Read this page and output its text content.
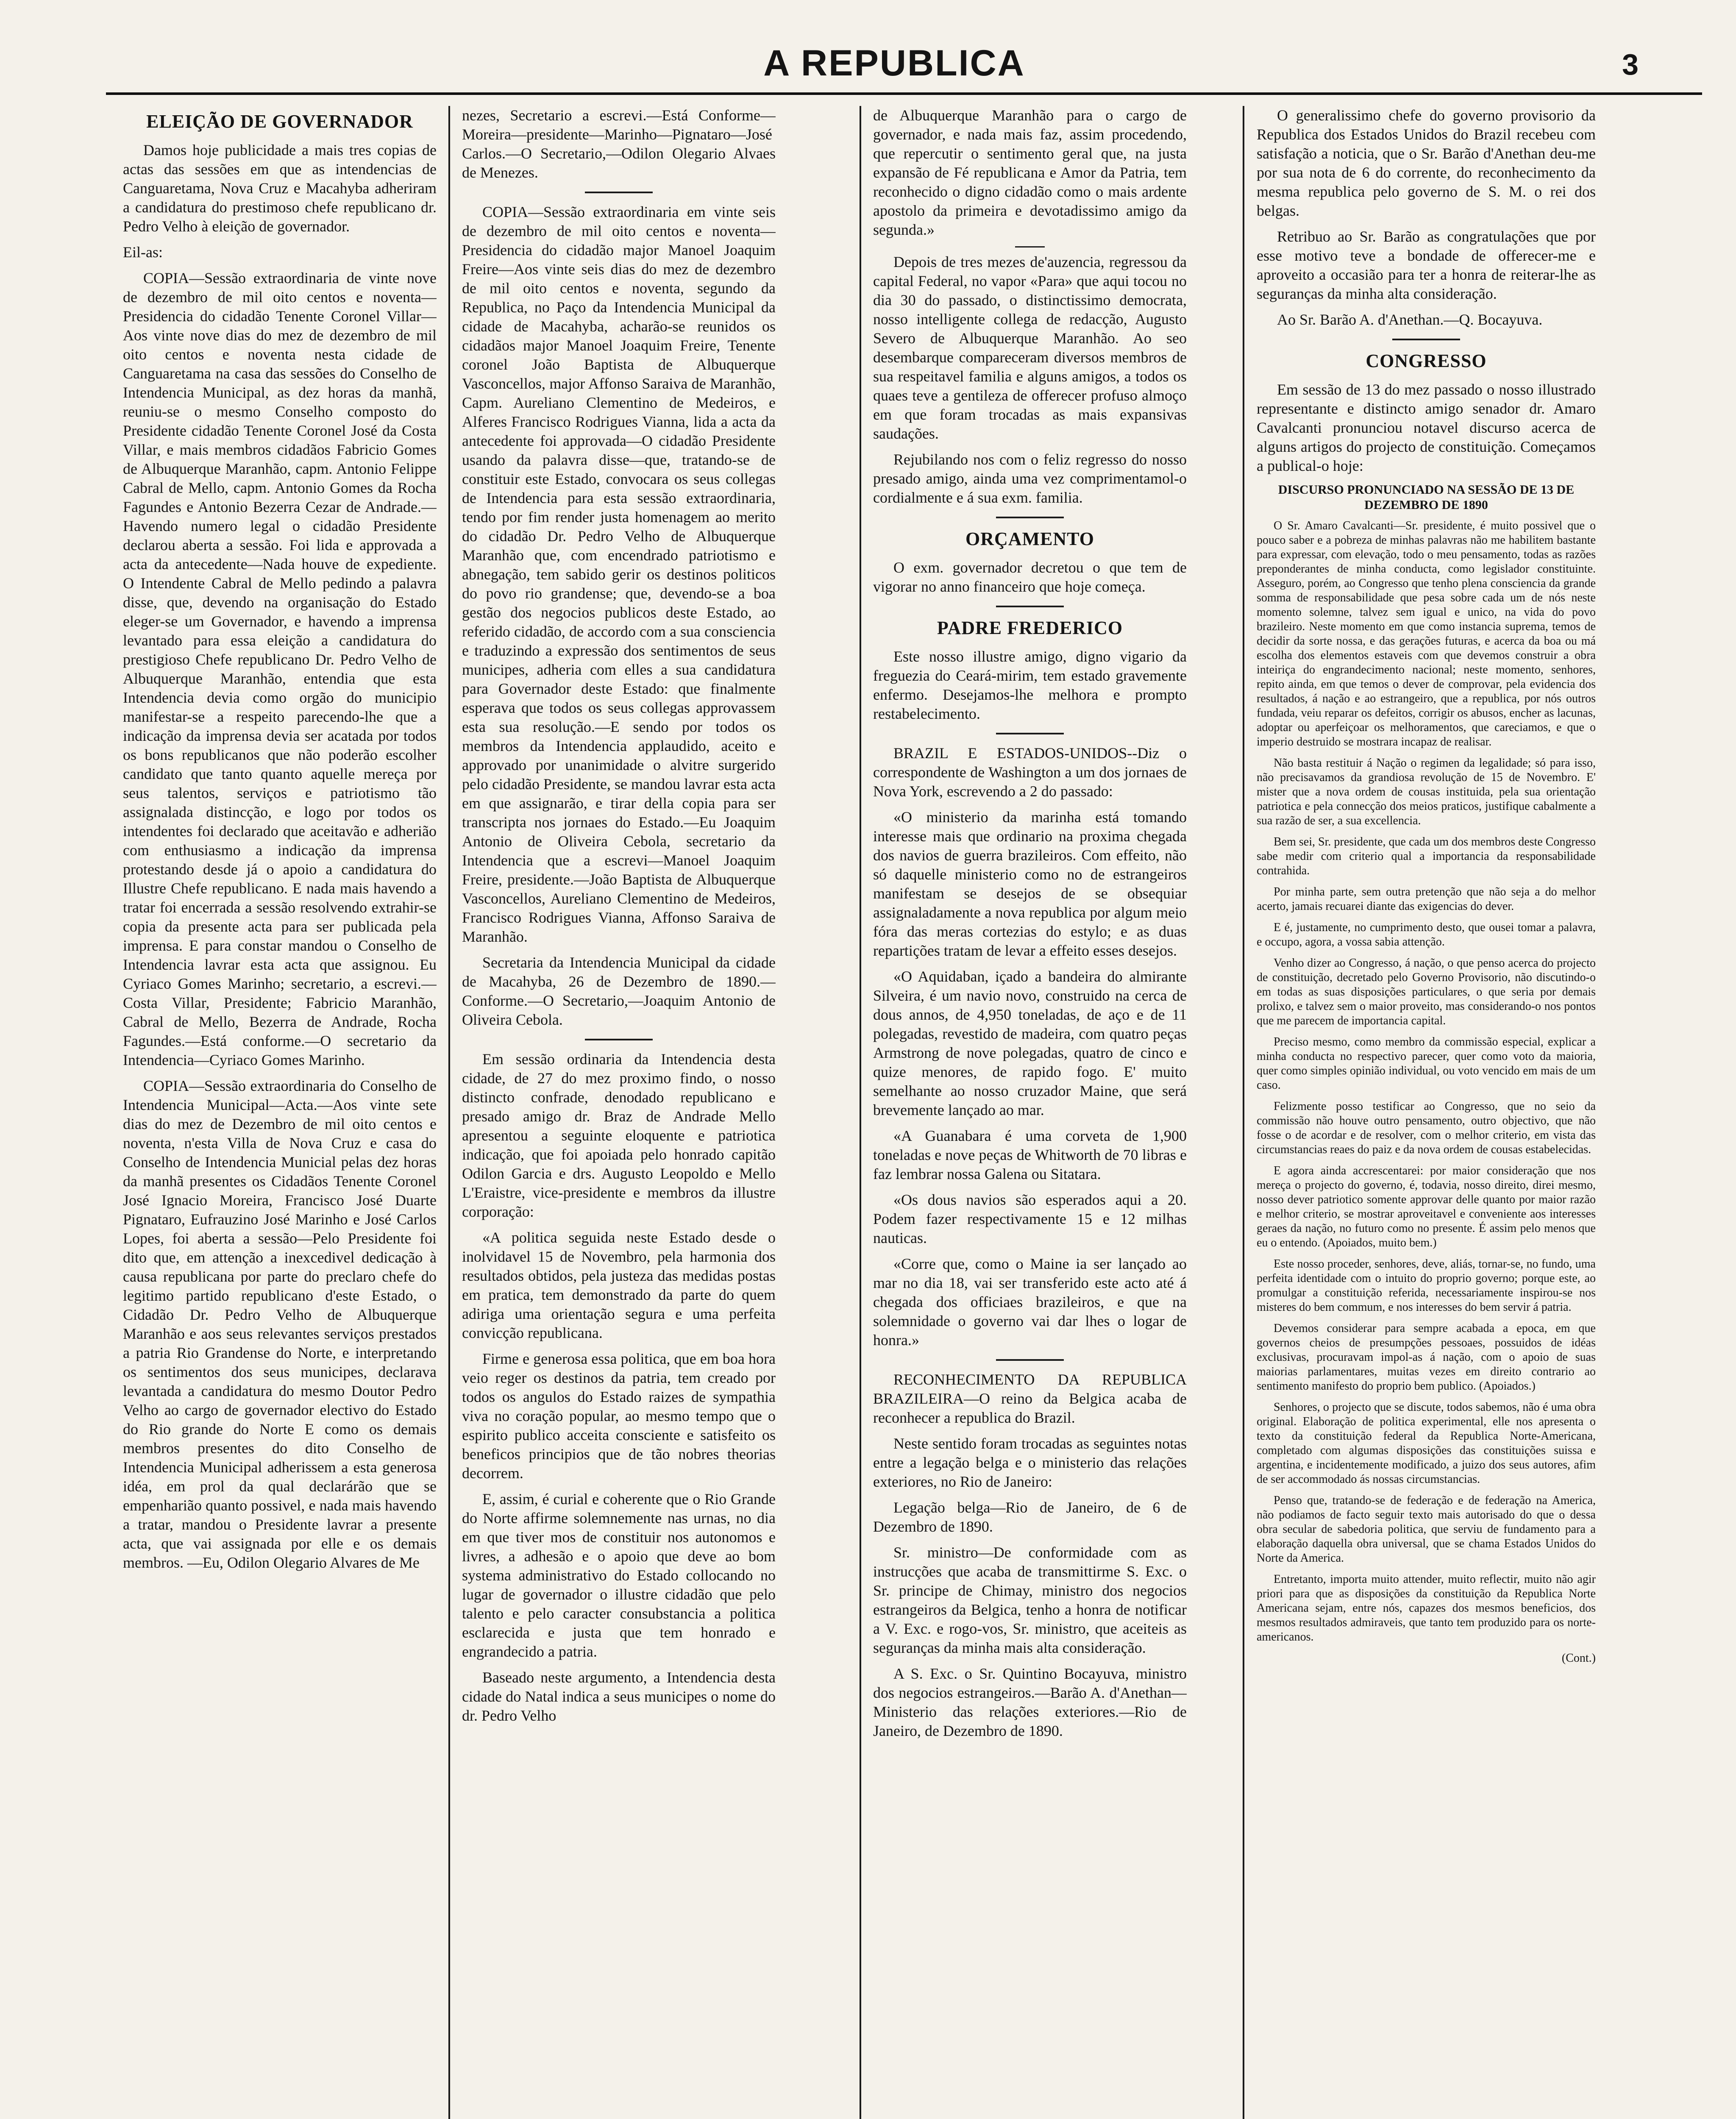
A REPUBLICA	3
ELEIÇÃO DE GOVERNADOR

Damos hoje publicidade a mais tres copias de actas das sessões em que as intendencias de Canguaretama, Nova Cruz e Macahyba adheriram a candidatura do prestimoso chefe republicano dr. Pedro Velho à eleição de governador.

Eil-as:

COPIA—Sessão extraordinaria de vinte nove de dezembro de mil oito centos e noventa—Presidencia do cidadão Tenente Coronel Villar—Aos vinte nove dias do mez de dezembro de mil oito centos e noventa nesta cidade de Canguaretama na casa das sessões do Conselho de Intendencia Municipal, as dez horas da manhã, reuniu-se o mesmo Conselho composto do Presidente cidadão Tenente Coronel José da Costa Villar, e mais membros cidadãos Fabricio Gomes de Albuquerque Maranhão, capm. Antonio Felippe Cabral de Mello, capm. Antonio Gomes da Rocha Fagundes e Antonio Bezerra Cezar de Andrade.—Havendo numero legal o cidadão Presidente declarou aberta a sessão. Foi lida e approvada a acta da antecedente—Nada houve de expediente. O Intendente Cabral de Mello pedindo a palavra disse, que, devendo na organisação do Estado eleger-se um Governador, e havendo a imprensa levantado para essa eleição a candidatura do prestigioso Chefe republicano Dr. Pedro Velho de Albuquerque Maranhão, entendia que esta Intendencia devia como orgão do municipio manifestar-se a respeito parecendo-lhe que a indicação da imprensa devia ser acatada por todos os bons republicanos que não poderão escolher candidato que tanto quanto aquelle mereça por seus talentos, serviços e patriotismo tão assignalada distincção, e logo por todos os intendentes foi declarado que aceitavão e adherião com enthusiasmo a indicação da imprensa protestando desde já o apoio a candidatura do Illustre Chefe republicano. E nada mais havendo a tratar foi encerrada a sessão resolvendo extrahir-se copia da presente acta para ser publicada pela imprensa. E para constar mandou o Conselho de Intendencia lavrar esta acta que assignou. Eu Cyriaco Gomes Marinho; secretario, a escrevi.—Costa Villar, Presidente; Fabricio Maranhão, Cabral de Mello, Bezerra de Andrade, Rocha Fagundes.—Está conforme.—O secretario da Intendencia—Cyriaco Gomes Marinho.

COPIA—Sessão extraordinaria do Conselho de Intendencia Municipal—Acta.—Aos vinte sete dias do mez de Dezembro de mil oito centos e noventa, n'esta Villa de Nova Cruz e casa do Conselho de Intendencia Municial pelas dez horas da manhã presentes os Cidadãos Tenente Coronel José Ignacio Moreira, Francisco José Duarte Pignataro, Eufrauzino José Marinho e José Carlos Lopes, foi aberta a sessão—Pelo Presidente foi dito que, em attenção a inexcedivel dedicação à causa republicana por parte do preclaro chefe do legitimo partido republicano d'este Estado, o Cidadão Dr. Pedro Velho de Albuquerque Maranhão e aos seus relevantes serviços prestados a patria Rio Grandense do Norte, e interpretando os sentimentos dos seus municipes, declarava levantada a candidatura do mesmo Doutor Pedro Velho ao cargo de governador electivo do Estado do Rio grande do Norte E como os demais membros presentes do dito Conselho de Intendencia Municipal adherissem a esta generosa idéa, em prol da qual declarárão que se empenharião quanto possivel, e nada mais havendo a tratar, mandou o Presidente lavrar a presente acta, que vai assignada por elle e os demais membros. —Eu, Odilon Olegario Alvares de Me

nezes, Secretario a escrevi.—Está Conforme—Moreira—presidente—Marinho—Pignataro—José Carlos.—O Secretario,—Odilon Olegario Alvaes de Menezes.

COPIA—Sessão extraordinaria em vinte seis de dezembro de mil oito centos e noventa—Presidencia do cidadão major Manoel Joaquim Freire—Aos vinte seis dias do mez de dezembro de mil oito centos e noventa, segundo da Republica, no Paço da Intendencia Municipal da cidade de Macahyba, acharão-se reunidos os cidadãos major Manoel Joaquim Freire, Tenente coronel João Baptista de Albuquerque Vasconcellos, major Affonso Saraiva de Maranhão, Capm. Aureliano Clementino de Medeiros, e Alferes Francisco Rodrigues Vianna, lida a acta da antecedente foi approvada—O cidadão Presidente usando da palavra disse—que, tratando-se de constituir este Estado, convocara os seus collegas de Intendencia para esta sessão extraordinaria, tendo por fim render justa homenagem ao merito do cidadão Dr. Pedro Velho de Albuquerque Maranhão que, com encendrado patriotismo e abnegação, tem sabido gerir os destinos politicos do povo rio grandense; que, devendo-se a boa gestão dos negocios publicos deste Estado, ao referido cidadão, de accordo com a sua consciencia e traduzindo a expressão dos sentimentos de seus municipes, adheria com elles a sua candidatura para Governador deste Estado: que finalmente esperava que todos os seus collegas approvassem esta sua resolução.—E sendo por todos os membros da Intendencia applaudido, aceito e approvado por unanimidade o alvitre surgerido pelo cidadão Presidente, se mandou lavrar esta acta em que assignarão, e tirar della copia para ser transcripta nos jornaes do Estado.—Eu Joaquim Antonio de Oliveira Cebola, secretario da Intendencia que a escrevi—Manoel Joaquim Freire, presidente.—João Baptista de Albuquerque Vasconcellos, Aureliano Clementino de Medeiros, Francisco Rodrigues Vianna, Affonso Saraiva de Maranhão.

Secretaria da Intendencia Municipal da cidade de Macahyba, 26 de Dezembro de 1890.—Conforme.—O Secretario,—Joaquim Antonio de Oliveira Cebola.

Em sessão ordinaria da Intendencia desta cidade, de 27 do mez proximo findo, o nosso distincto confrade, denodado republicano e presado amigo dr. Braz de Andrade Mello apresentou a seguinte eloquente e patriotica indicação, que foi apoiada pelo honrado capitão Odilon Garcia e drs. Augusto Leopoldo e Mello L'Eraistre, vice-presidente e membros da illustre corporação:

«A politica seguida neste Estado desde o inolvidavel 15 de Novembro, pela harmonia dos resultados obtidos, pela justeza das medidas postas em pratica, tem demonstrado da parte do quem adiriga uma orientação segura e uma perfeita convicção republicana.

Firme e generosa essa politica, que em boa hora veio reger os destinos da patria, tem creado por todos os angulos do Estado raizes de sympathia viva no coração popular, ao mesmo tempo que o espirito publico acceita consciente e satisfeito os beneficos principios que de tão nobres theorias decorrem.

E, assim, é curial e coherente que o Rio Grande do Norte affirme solemnemente nas urnas, no dia em que tiver mos de constituir nos autonomos e livres, a adhesão e o apoio que deve ao bom systema administrativo do Estado collocando no lugar de governador o illustre cidadão que pelo talento e pelo caracter consubstancia a politica esclarecida e justa que tem honrado e engrandecido a patria.

Baseado neste argumento, a Intendencia desta cidade do Natal indica a seus municipes o nome do dr. Pedro Velho

de Albuquerque Maranhão para o cargo de governador, e nada mais faz, assim procedendo, que repercutir o sentimento geral que, na justa expansão de Fé republicana e Amor da Patria, tem reconhecido o digno cidadão como o mais ardente apostolo da primeira e devotadissimo amigo da segunda.»

Depois de tres mezes de'auzencia, regressou da capital Federal, no vapor «Para» que aqui tocou no dia 30 do passado, o distinctissimo democrata, nosso intelligente collega de redacção, Augusto Severo de Albuquerque Maranhão. Ao seo desembarque compareceram diversos membros de sua respeitavel familia e alguns amigos, a todos os quaes teve a gentileza de offerecer profuso almoço em que foram trocadas as mais expansivas saudações.

Rejubilando nos com o feliz regresso do nosso presado amigo, ainda uma vez comprimentamol-o cordialmente e á sua exm. familia.

ORÇAMENTO

O exm. governador decretou o que tem de vigorar no anno financeiro que hoje começa.

PADRE FREDERICO

Este nosso illustre amigo, digno vigario da freguezia do Ceará-mirim, tem estado gravemente enfermo. Desejamos-lhe melhora e prompto restabelecimento.

BRAZIL E ESTADOS-UNIDOS--Diz o correspondente de Washington a um dos jornaes de Nova York, escrevendo a 2 do passado:

«O ministerio da marinha está tomando interesse mais que ordinario na proxima chegada dos navios de guerra brazileiros. Com effeito, não só daquelle ministerio como no de estrangeiros manifestam se desejos de se obsequiar assignaladamente a nova republica por algum meio fóra das meras cortezias do estylo; e as duas repartições tratam de levar a effeito esses desejos.

«O Aquidaban, içado a bandeira do almirante Silveira, é um navio novo, construido na cerca de dous annos, de 4,950 toneladas, de aço e de 11 polegadas, revestido de madeira, com quatro peças Armstrong de nove polegadas, quatro de cinco e quize menores, de rapido fogo. E' muito semelhante ao nosso cruzador Maine, que será brevemente lançado ao mar.

«A Guanabara é uma corveta de 1,900 toneladas e nove peças de Whitworth de 70 libras e faz lembrar nossa Galena ou Sitatara.

«Os dous navios são esperados aqui a 20. Podem fazer respectivamente 15 e 12 milhas nauticas.

«Corre que, como o Maine ia ser lançado ao mar no dia 18, vai ser transferido este acto até á chegada dos officiaes brazileiros, e que na solemnidade o governo vai dar lhes o logar de honra.»

RECONHECIMENTO DA REPUBLICA BRAZILEIRA—O reino da Belgica acaba de reconhecer a republica do Brazil.

Neste sentido foram trocadas as seguintes notas entre a legação belga e o ministerio das relações exteriores, no Rio de Janeiro:

Legação belga—Rio de Janeiro, de 6 de Dezembro de 1890.

Sr. ministro—De conformidade com as instrucções que acaba de transmittirme S. Exc. o Sr. principe de Chimay, ministro dos negocios estrangeiros da Belgica, tenho a honra de notificar a V. Exc. e rogo-vos, Sr. ministro, que aceiteis as seguranças da minha mais alta consideração.

A S. Exc. o Sr. Quintino Bocayuva, ministro dos negocios estrangeiros.—Barão A. d'Anethan—Ministerio das relações exteriores.—Rio de Janeiro, de Dezembro de 1890.

O generalissimo chefe do governo provisorio da Republica dos Estados Unidos do Brazil recebeu com satisfação a noticia, que o Sr. Barão d'Anethan deu-me por sua nota de 6 do corrente, do reconhecimento da mesma republica pelo governo de S. M. o rei dos belgas.

Retribuo ao Sr. Barão as congratulações que por esse motivo teve a bondade de offerecer-me e aproveito a occasião para ter a honra de reiterar-lhe as seguranças da minha alta consideração.

Ao Sr. Barão A. d'Anethan.—Q. Bocayuva.

CONGRESSO

Em sessão de 13 do mez passado o nosso illustrado representante e distincto amigo senador dr. Amaro Cavalcanti pronunciou notavel discurso acerca de alguns artigos do projecto de constituição. Começamos a publical-o hoje:

DISCURSO PRONUNCIADO NA SESSÃO DE 13 DE DEZEMBRO DE 1890

O Sr. Amaro Cavalcanti—Sr. presidente, é muito possivel que o pouco saber e a pobreza de minhas palavras não me habilitem bastante para expressar, com elevação, todo o meu pensamento, todas as razões preponderantes de minha conducta, como legislador constituinte. Asseguro, porém, ao Congresso que tenho plena consciencia da grande somma de responsabilidade que pesa sobre cada um de nós neste momento solemne, talvez sem igual e unico, na vida do povo brazileiro. Neste momento em que como instancia suprema, temos de decidir da sorte nossa, e das gerações futuras, e acerca da boa ou má escolha dos elementos estaveis com que devemos construir a obra inteiriça do engrandecimento nacional; neste momento, senhores, repito ainda, em que temos o dever de comprovar, pela evidencia dos resultados, á nação e ao estrangeiro, que a republica, por nós outros fundada, veiu reparar os defeitos, corrigir os abusos, encher as lacunas, adoptar ou aperfeiçoar os melhoramentos, que careciamos, e que o imperio destruido se mostrara incapaz de realisar.

Não basta restituir á Nação o regimen da legalidade; só para isso, não precisavamos da grandiosa revolução de 15 de Novembro. E' mister que a nova ordem de cousas instituida, pela sua orientação patriotica e pela connecção dos meios praticos, justifique cabalmente a sua razão de ser, a sua excellencia.

Bem sei, Sr. presidente, que cada um dos membros deste Congresso sabe medir com criterio qual a importancia da responsabilidade contrahida.

Por minha parte, sem outra pretenção que não seja a do melhor acerto, jamais recuarei diante das exigencias do dever.

E é, justamente, no cumprimento desto, que ousei tomar a palavra, e occupo, agora, a vossa sabia attenção.

Venho dizer ao Congresso, á nação, o que penso acerca do projecto de constituição, decretado pelo Governo Provisorio, não discutindo-o em todas as suas disposições particulares, o que seria por demais prolixo, e talvez sem o maior proveito, mas considerando-o nos pontos que me parecem de importancia capital.

Preciso mesmo, como membro da commissão especial, explicar a minha conducta no respectivo parecer, quer como voto da maioria, quer como simples opinião individual, ou voto vencido em mais de um caso.

Felizmente posso testificar ao Congresso, que no seio da commissão não houve outro pensamento, outro objectivo, que não fosse o de acordar e de resolver, com o melhor criterio, em vista das circumstancias reaes do paiz e da nova ordem de cousas estabelecidas.

E agora ainda accrescentarei: por maior consideração que nos mereça o projecto do governo, é, todavia, nosso direito, direi mesmo, nosso dever patriotico somente approvar delle quanto por maior razão e melhor criterio, se mostrar aproveitavel e conveniente aos interesses geraes da nação, no futuro como no presente. É assim pelo menos que eu o entendo. (Apoiados, muito bem.)

Este nosso proceder, senhores, deve, aliás, tornar-se, no fundo, uma perfeita identidade com o intuito do proprio governo; porque este, ao promulgar a constituição referida, necessariamente inspirou-se nos misteres do bem commum, e nos interesses do bem servir á patria.

Devemos considerar para sempre acabada a epoca, em que governos cheios de presumpções pessoaes, possuidos de idéas exclusivas, procuravam impol-as á nação, com o apoio de suas maiorias parlamentares, muitas vezes em direito contrario ao sentimento manifesto do proprio bem publico. (Apoiados.)

Senhores, o projecto que se discute, todos sabemos, não é uma obra original. Elaboração de politica experimental, elle nos apresenta o texto da constituição federal da Republica Norte-Americana, completado com algumas disposições das constituições suissa e argentina, e incidentemente modificado, a juizo dos seus autores, afim de ser accommodado ás nossas circumstancias.

Penso que, tratando-se de federação e de federação na America, não podiamos de facto seguir texto mais autorisado do que o dessa obra secular de sabedoria politica, que serviu de fundamento para a elaboração daquella obra universal, que se chama Estados Unidos do Norte da America.

Entretanto, importa muito attender, muito reflectir, muito não agir priori para que as disposições da constituição da Republica Norte Americana sejam, entre nós, capazes dos mesmos beneficios, dos mesmos resultados admiraveis, que tanto tem produzido para os norte-americanos.

(Cont.)
